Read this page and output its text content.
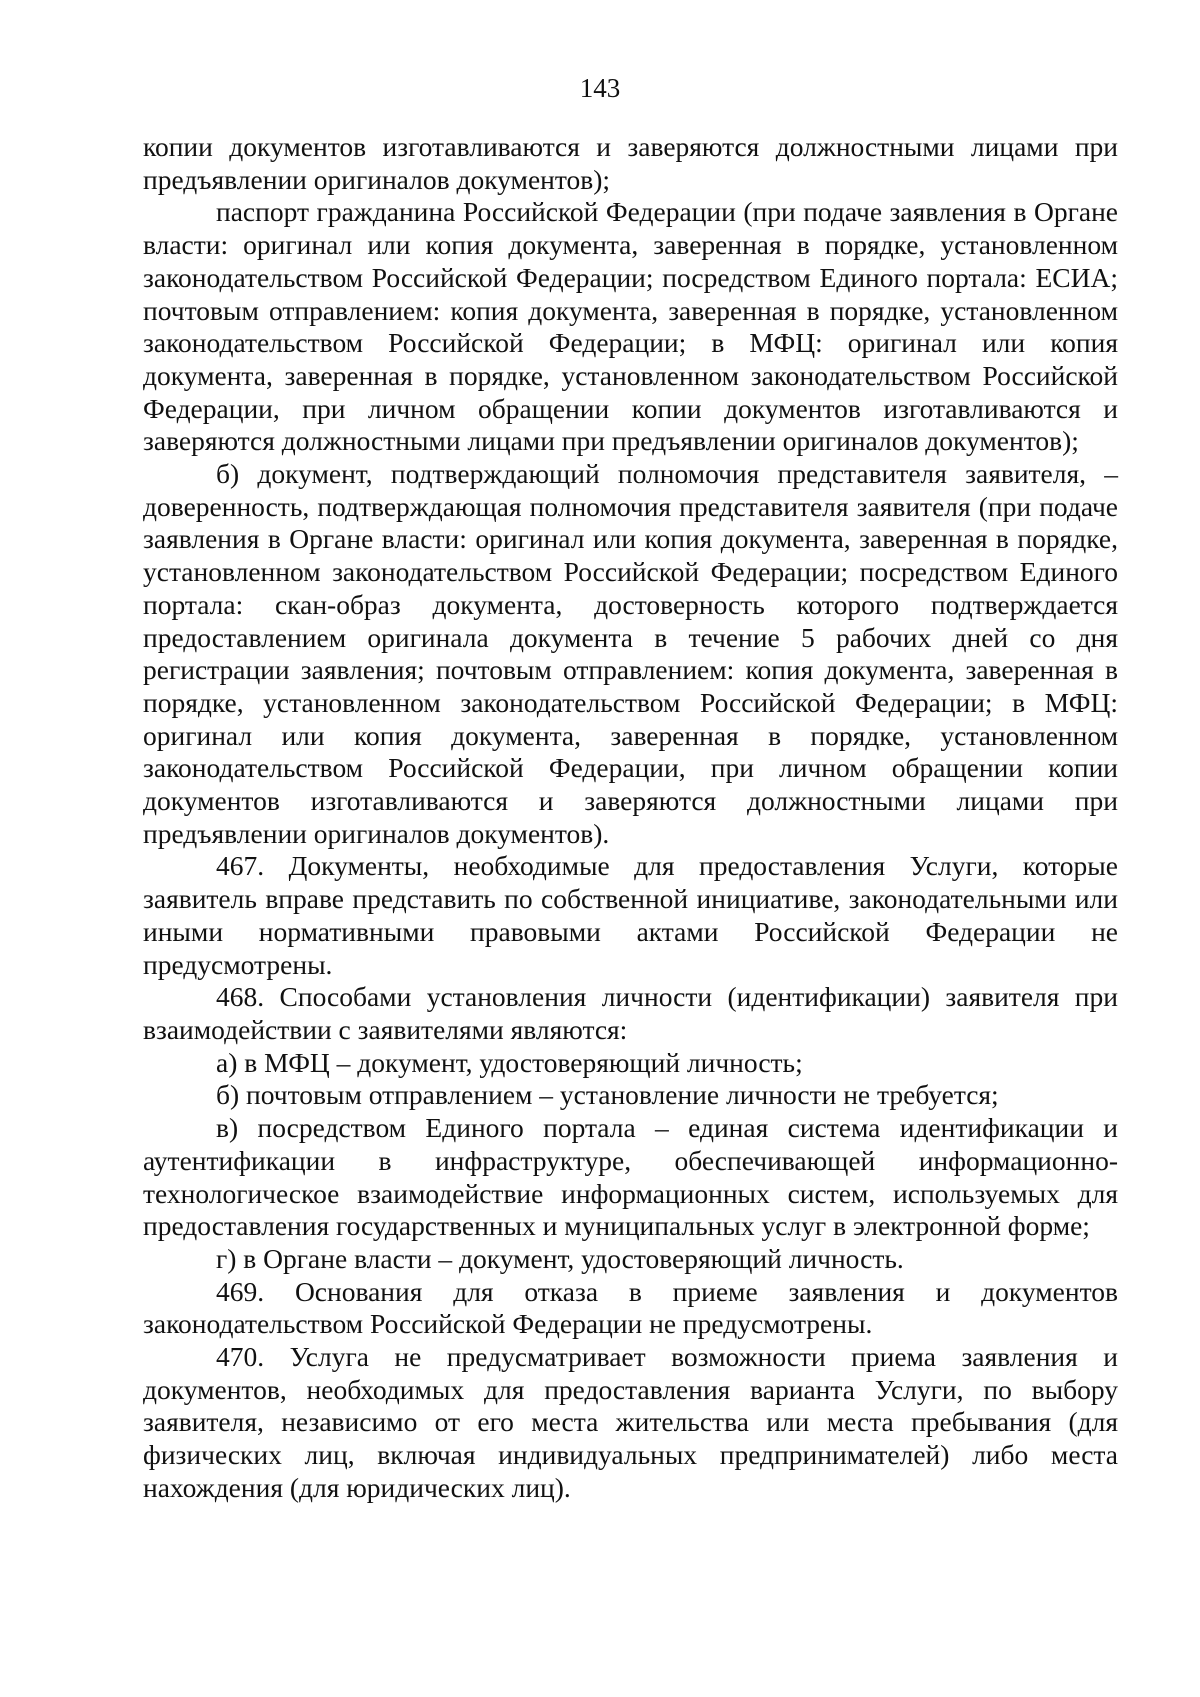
143

копии документов изготавливаются и заверяются должностными лицами при предъявлении оригиналов документов);

паспорт гражданина Российской Федерации (при подаче заявления в Органе власти: оригинал или копия документа, заверенная в порядке, установленном законодательством Российской Федерации; посредством Единого портала: ЕСИА; почтовым отправлением: копия документа, заверенная в порядке, установленном законодательством Российской Федерации; в МФЦ: оригинал или копия документа, заверенная в порядке, установленном законодательством Российской Федерации, при личном обращении копии документов изготавливаются и заверяются должностными лицами при предъявлении оригиналов документов);

б) документ, подтверждающий полномочия представителя заявителя, – доверенность, подтверждающая полномочия представителя заявителя (при подаче заявления в Органе власти: оригинал или копия документа, заверенная в порядке, установленном законодательством Российской Федерации; посредством Единого портала: скан-образ документа, достоверность которого подтверждается предоставлением оригинала документа в течение 5 рабочих дней со дня регистрации заявления; почтовым отправлением: копия документа, заверенная в порядке, установленном законодательством Российской Федерации; в МФЦ: оригинал или копия документа, заверенная в порядке, установленном законодательством Российской Федерации, при личном обращении копии документов изготавливаются и заверяются должностными лицами при предъявлении оригиналов документов).

467. Документы, необходимые для предоставления Услуги, которые заявитель вправе представить по собственной инициативе, законодательными или иными нормативными правовыми актами Российской Федерации не предусмотрены.

468. Способами установления личности (идентификации) заявителя при взаимодействии с заявителями являются:

а) в МФЦ – документ, удостоверяющий личность;

б) почтовым отправлением – установление личности не требуется;

в) посредством Единого портала – единая система идентификации и аутентификации в инфраструктуре, обеспечивающей информационно-технологическое взаимодействие информационных систем, используемых для предоставления государственных и муниципальных услуг в электронной форме;

г) в Органе власти – документ, удостоверяющий личность.

469. Основания для отказа в приеме заявления и документов законодательством Российской Федерации не предусмотрены.

470. Услуга не предусматривает возможности приема заявления и документов, необходимых для предоставления варианта Услуги, по выбору заявителя, независимо от его места жительства или места пребывания (для физических лиц, включая индивидуальных предпринимателей) либо места нахождения (для юридических лиц).
